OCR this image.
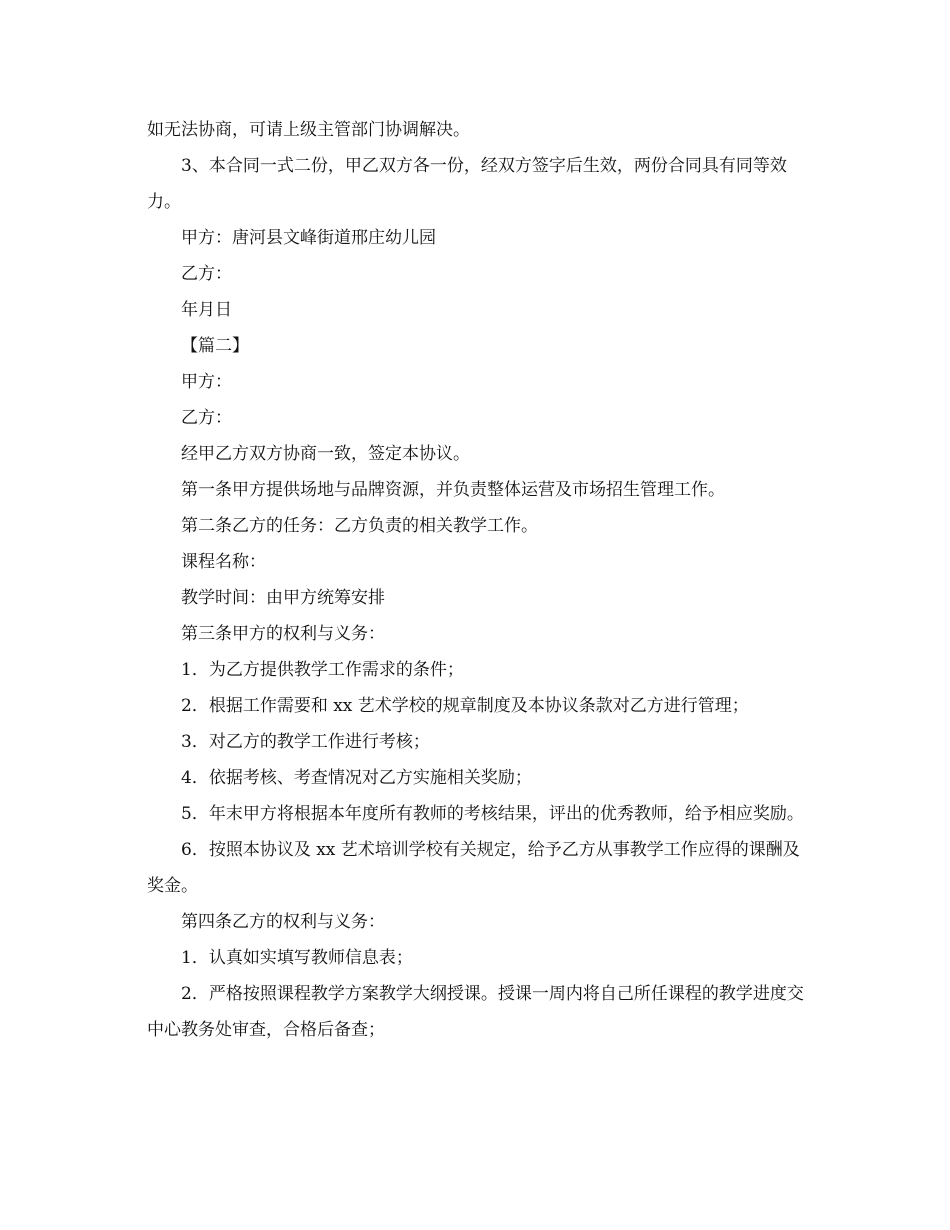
如无法协商，可请上级主管部门协调解决。

3、本合同一式二份，甲乙双方各一份，经双方签字后生效，两份合同具有同等效力。

甲方：唐河县文峰街道邢庄幼儿园

乙方：

年月日

【篇二】

甲方：

乙方：

经甲乙方双方协商一致，签定本协议。

第一条甲方提供场地与品牌资源，并负责整体运营及市场招生管理工作。

第二条乙方的任务：乙方负责的相关教学工作。

课程名称：

教学时间：由甲方统筹安排

第三条甲方的权利与义务：

1．为乙方提供教学工作需求的条件；

2．根据工作需要和 xx 艺术学校的规章制度及本协议条款对乙方进行管理；

3．对乙方的教学工作进行考核；

4．依据考核、考查情况对乙方实施相关奖励；

5．年末甲方将根据本年度所有教师的考核结果，评出的优秀教师，给予相应奖励。

6．按照本协议及 xx 艺术培训学校有关规定，给予乙方从事教学工作应得的课酬及奖金。

第四条乙方的权利与义务：

1．认真如实填写教师信息表；

2．严格按照课程教学方案教学大纲授课。授课一周内将自己所任课程的教学进度交中心教务处审查，合格后备查；
